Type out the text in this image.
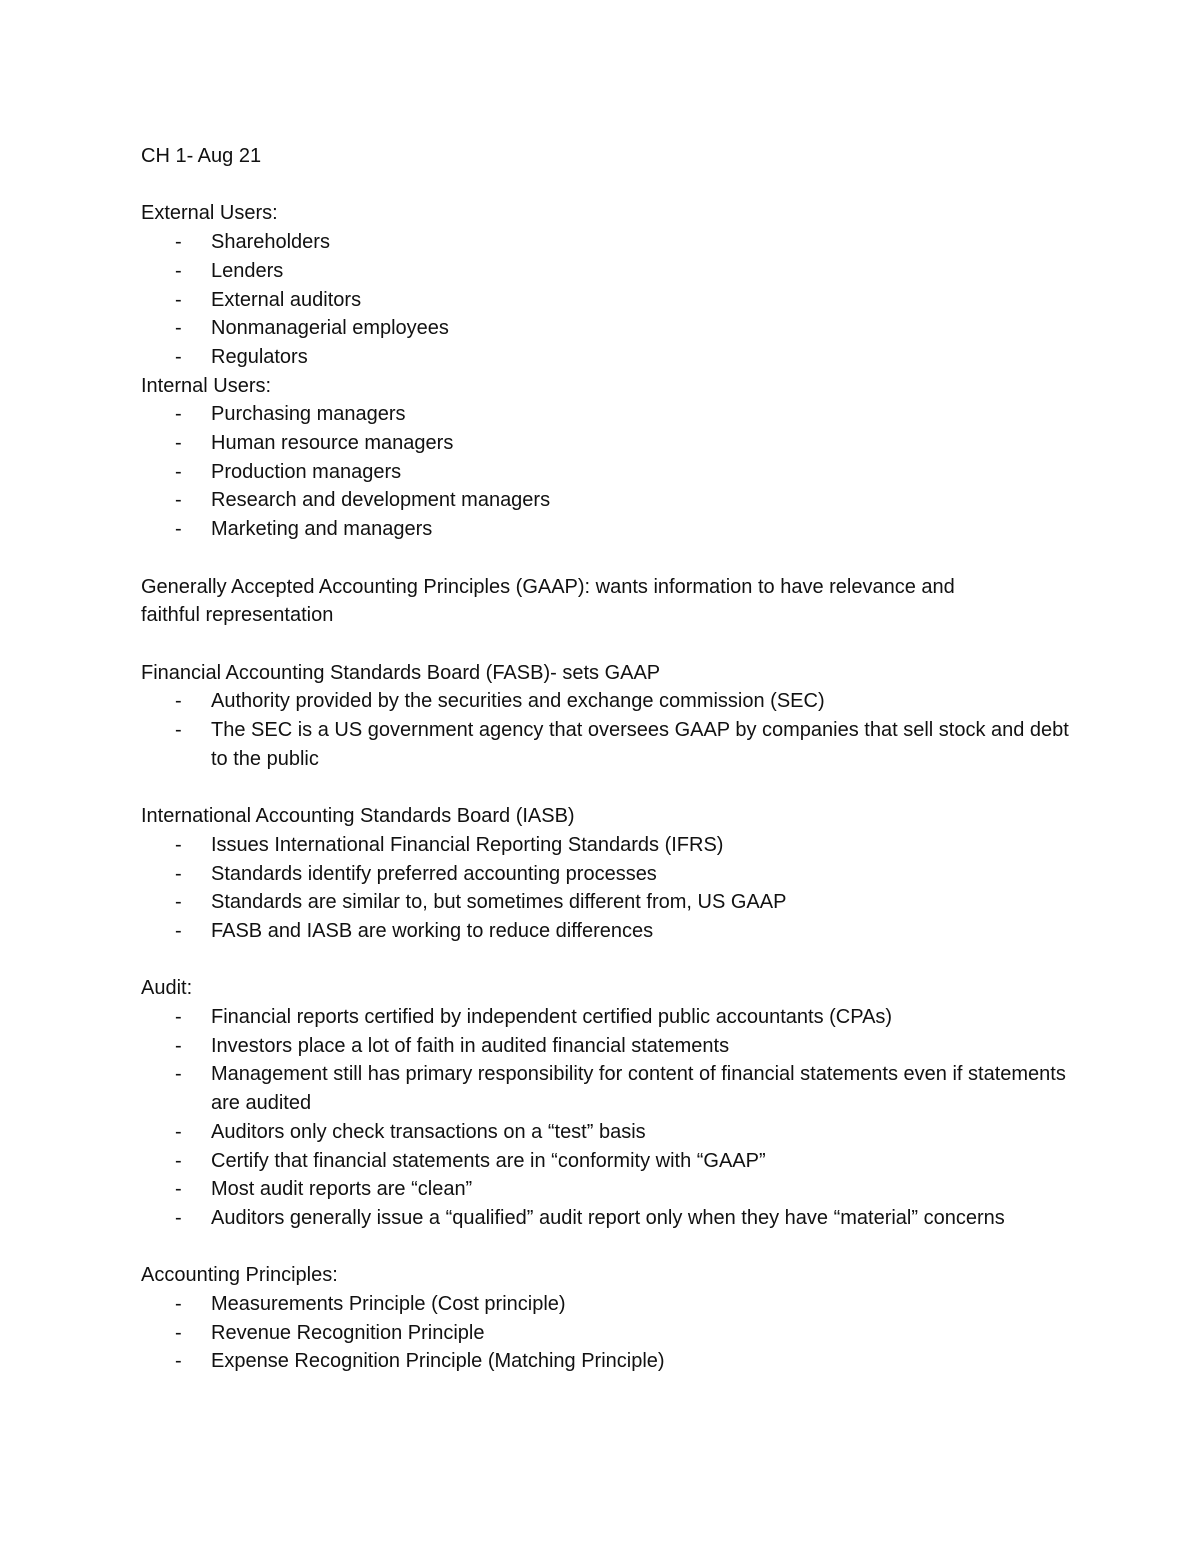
CH 1- Aug 21

External Users:

- Shareholders
- Lenders
- External auditors
- Nonmanagerial employees
- Regulators

Internal Users:

- Purchasing managers
- Human resource managers
- Production managers
- Research and development managers
- Marketing and managers

Generally Accepted Accounting Principles (GAAP): wants information to have relevance and

faithful representation

Financial Accounting Standards Board (FASB)- sets GAAP

- Authority provided by the securities and exchange commission (SEC)
- The SEC is a US government agency that oversees GAAP by companies that sell stock and debt to the public

International Accounting Standards Board (IASB)

- Issues International Financial Reporting Standards (IFRS)
- Standards identify preferred accounting processes
- Standards are similar to, but sometimes different from, US GAAP
- FASB and IASB are working to reduce differences

Audit:

- Financial reports certified by independent certified public accountants (CPAs)
- Investors place a lot of faith in audited financial statements
- Management still has primary responsibility for content of financial statements even if statements are audited
- Auditors only check transactions on a “test” basis
- Certify that financial statements are in “conformity with “GAAP”
- Most audit reports are “clean”
- Auditors generally issue a “qualified” audit report only when they have “material” concerns

Accounting Principles:

- Measurements Principle (Cost principle)
- Revenue Recognition Principle
- Expense Recognition Principle (Matching Principle)
